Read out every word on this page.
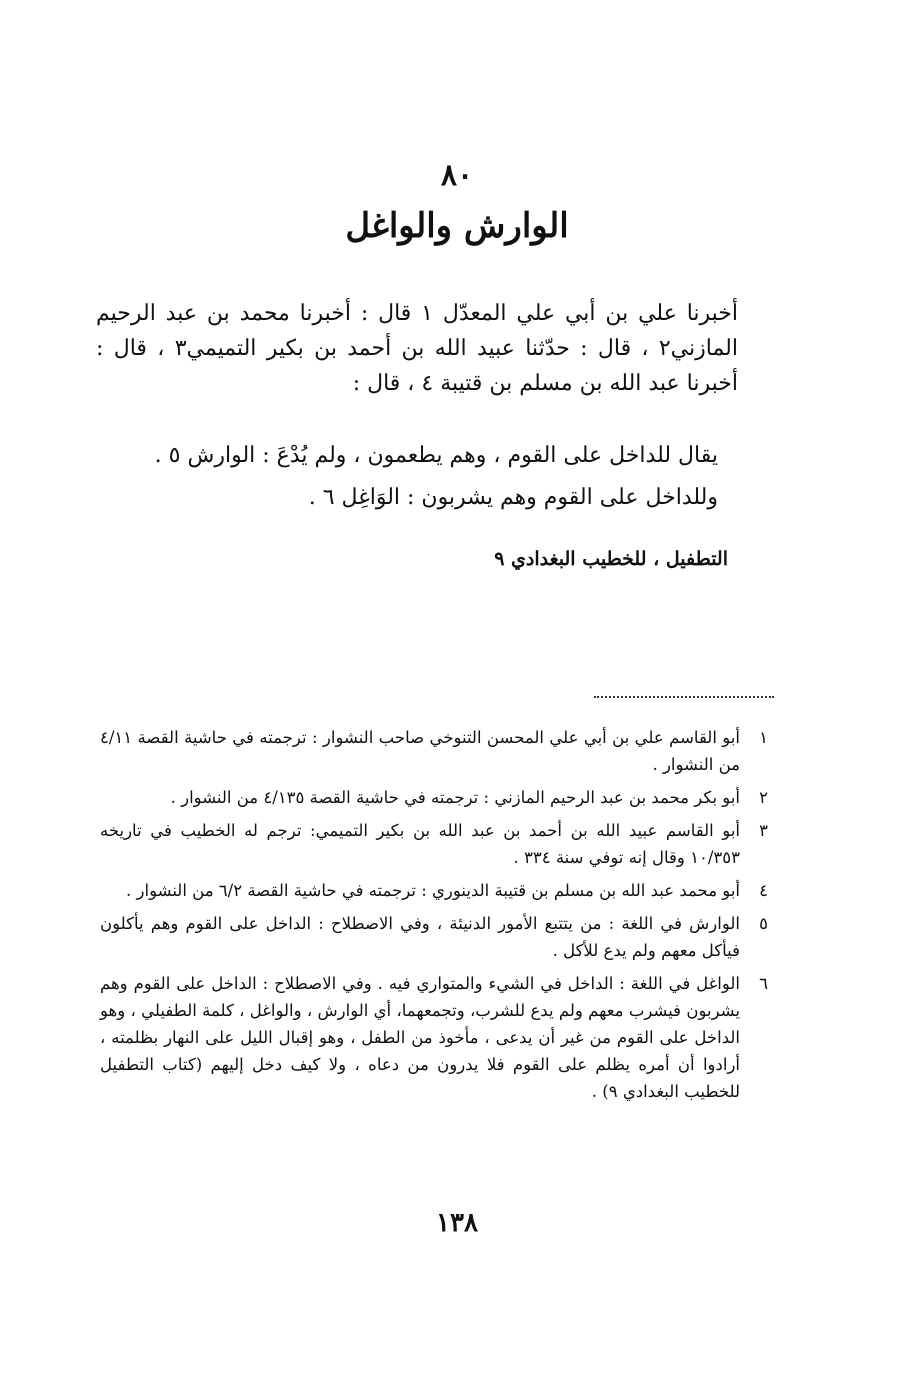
٨٠
الوارش والواغل

أخبرنا علي بن أبي علي المعدّل ١ قال : أخبرنا محمد بن عبد الرحيم المازني٢ ، قال : حدّثنا عبيد الله بن أحمد بن بكير التميمي٣ ، قال : أخبرنا عبد الله بن مسلم بن قتيبة ٤ ، قال :

يقال للداخل على القوم ، وهم يطعمون ، ولم يُدْعَ : الوارش ٥ .
وللداخل على القوم وهم يشربون : الوَاغِل ٦ .
التطفيل ، للخطيب البغدادي ٩
١
أبو القاسم علي بن أبي علي المحسن التنوخي صاحب النشوار : ترجمته في حاشية القصة ٤/١١ من النشوار .
٢
أبو بكر محمد بن عبد الرحيم المازني : ترجمته في حاشية القصة ٤/١٣٥ من النشوار .
٣
أبو القاسم عبيد الله بن أحمد بن عبد الله بن بكير التميمي: ترجم له الخطيب في تاريخه ١٠/٣٥٣ وقال إنه توفي سنة ٣٣٤ .
٤
أبو محمد عبد الله بن مسلم بن قتيبة الدينوري : ترجمته في حاشية القصة ٦/٢ من النشوار .
٥
الوارش في اللغة : من يتتبع الأمور الدنيئة ، وفي الاصطلاح : الداخل على القوم وهم يأكلون فيأكل معهم ولم يدع للأكل .
٦
الواغل في اللغة : الداخل في الشيء والمتواري فيه . وفي الاصطلاح : الداخل على القوم وهم يشربون فيشرب معهم ولم يدع للشرب، وتجمعهما، أي الوارش ، والواغل ، كلمة الطفيلي ، وهو الداخل على القوم من غير أن يدعى ، مأخوذ من الطفل ، وهو إقبال الليل على النهار بظلمته ، أرادوا أن أمره يظلم على القوم فلا يدرون من دعاه ، ولا كيف دخل إليهم (كتاب التطفيل للخطيب البغدادي ٩) .
١٣٨
